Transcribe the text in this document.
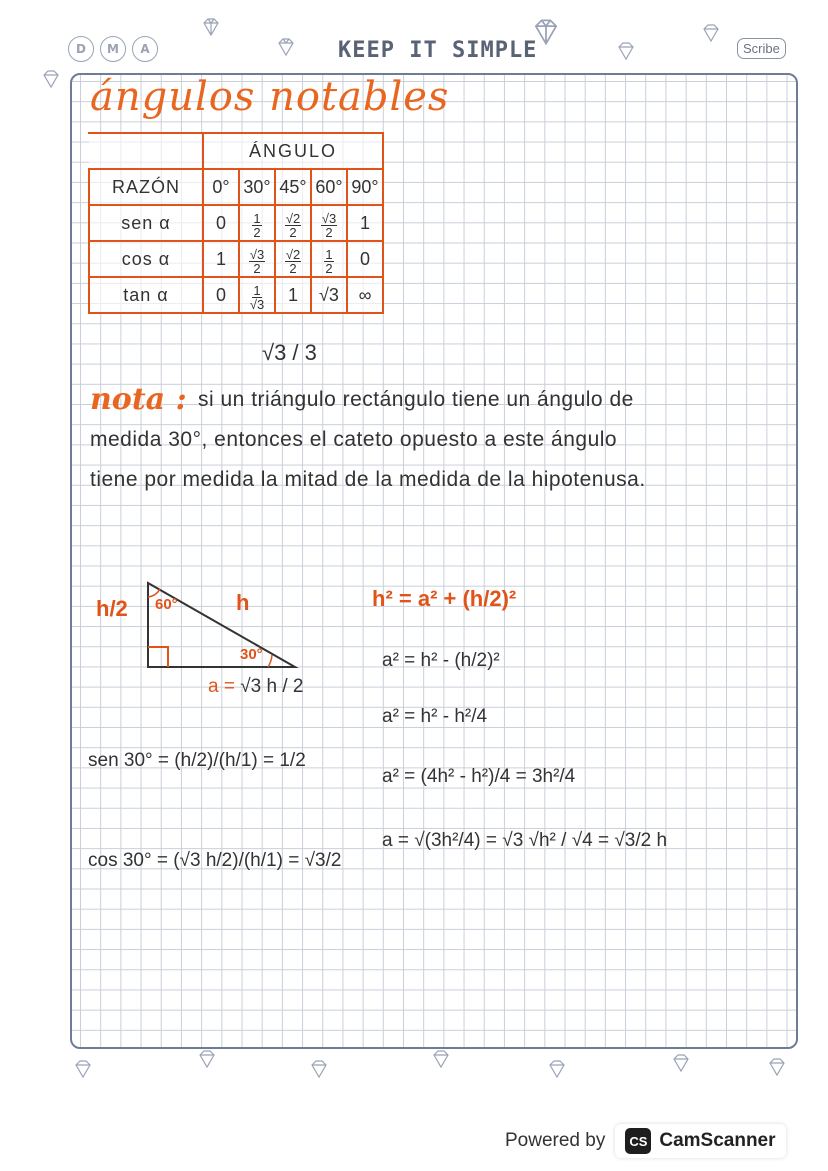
D	M	A	KEEP IT SIMPLE	Scribe
ángulos notables
	ÁNGULO				
RAZÓN	0°	30°	45°	60°	90°
sen α	0	$\frac{1}{2}$	$\frac{√2}{2}$	$\frac{√3}{2}$	1
cos α	1	$\frac{√3}{2}$	$\frac{√2}{2}$	$\frac{1}{2}$	0
tan α	0	$\frac{1}{√3}$	1	√3	∞
√3 / 3
nota : si un triángulo rectángulo tiene un ángulo de
medida 30°, entonces el cateto opuesto a este ángulo
tiene por medida la mitad de la medida de la hipotenusa.
h/2 60°	h
30°
a = √3 h / 2
sen 30° = (h/2)/(h/1) = 1/2
cos 30° = (√3 h/2)/(h/1) = √3/2
h² = a² + (h/2)²
a² = h² - (h/2)²
a² = h² - h²/4
a² = (4h² - h²)/4 = 3h²/4
a = √(3h²/4) = √3 √h² / √4 = √3/2 h
Powered by	CS CamScanner
